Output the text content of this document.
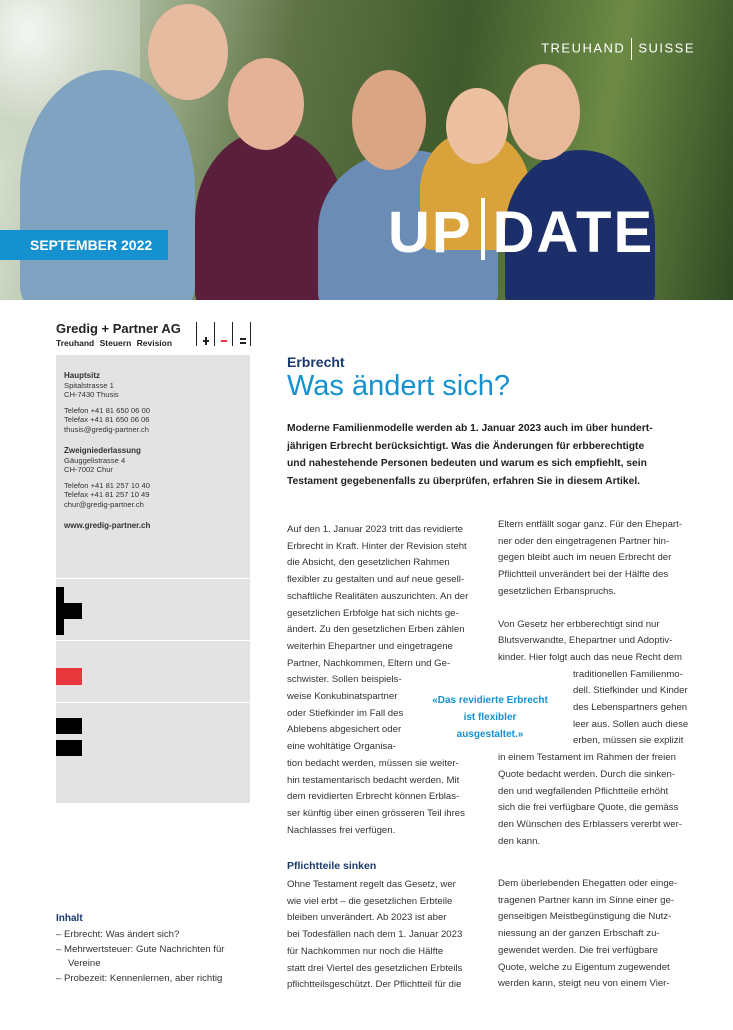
TREUHAND SUISSE
UP DATE
SEPTEMBER 2022
Gredig + Partner AG
Treuhand Steuern Revision
Hauptsitz
Spitalstrasse 1
CH-7430 Thusis
Telefon +41 81 650 06 00
Telefax +41 81 650 06 06
thusis@gredig-partner.ch
Zweigniederlassung
Gäuggelistrasse 4
CH-7002 Chur
Telefon +41 81 257 10 40
Telefax +41 81 257 10 49
chur@gredig-partner.ch
www.gredig-partner.ch
Inhalt
– Erbrecht: Was ändert sich?
– Mehrwertsteuer: Gute Nachrichten für Vereine
– Probezeit: Kennenlernen, aber richtig
Erbrecht
Was ändert sich?
Moderne Familienmodelle werden ab 1. Januar 2023 auch im über hundert-
jährigen Erbrecht berücksichtigt. Was die Änderungen für erbberechtigte
und nahestehende Personen bedeuten und warum es sich empfiehlt, sein
Testament gegebenenfalls zu überprüfen, erfahren Sie in diesem Artikel.
Auf den 1. Januar 2023 tritt das revidierte
Erbrecht in Kraft. Hinter der Revision steht
die Absicht, den gesetzlichen Rahmen
flexibler zu gestalten und auf neue gesell-
schaftliche Realitäten auszurichten. An der
gesetzlichen Erbfolge hat sich nichts ge-
ändert. Zu den gesetzlichen Erben zählen
weiterhin Ehepartner und eingetragene
Partner, Nachkommen, Eltern und Ge-
schwister. Sollen beispiels-
weise Konkubinatspartner
oder Stiefkinder im Fall des
Ablebens abgesichert oder
eine wohltätige Organisa-
tion bedacht werden, müssen sie weiter-
hin testamentarisch bedacht werden. Mit
dem revidierten Erbrecht können Erblas-
ser künftig über einen grösseren Teil ihres
Nachlasses frei verfügen.
Pflichtteile sinken
Ohne Testament regelt das Gesetz, wer
wie viel erbt – die gesetzlichen Erbteile
bleiben unverändert. Ab 2023 ist aber
bei Todesfällen nach dem 1. Januar 2023
für Nachkommen nur noch die Hälfte
statt drei Viertel des gesetzlichen Erbteils
pflichtteilsgeschützt. Der Pflichtteil für die

Eltern entfällt sogar ganz. Für den Ehepart-
ner oder den eingetragenen Partner hin-
gegen bleibt auch im neuen Erbrecht der
Pflichtteil unverändert bei der Hälfte des
gesetzlichen Erbanspruchs.

Von Gesetz her erbberechtigt sind nur
Blutsverwandte, Ehepartner und Adoptiv-
kinder. Hier folgt auch das neue Recht dem
traditionellen Familienmo-
dell. Stiefkinder und Kinder
des Lebenspartners gehen
leer aus. Sollen auch diese
erben, müssen sie explizit
in einem Testament im Rahmen der freien
Quote bedacht werden. Durch die sinken-
den und wegfallenden Pflichtteile erhöht
sich die frei verfügbare Quote, die gemäss
den Wünschen des Erblassers vererbt wer-
den kann.

Dem überlebenden Ehegatten oder einge-
tragenen Partner kann im Sinne einer ge-
genseitigen Meistbegünstigung die Nutz-
niessung an der ganzen Erbschaft zu-
gewendet werden. Die frei verfügbare
Quote, welche zu Eigentum zugewendet
werden kann, steigt neu von einem Vier-
«Das revidierte Erbrecht ist flexibler ausgestaltet.»
